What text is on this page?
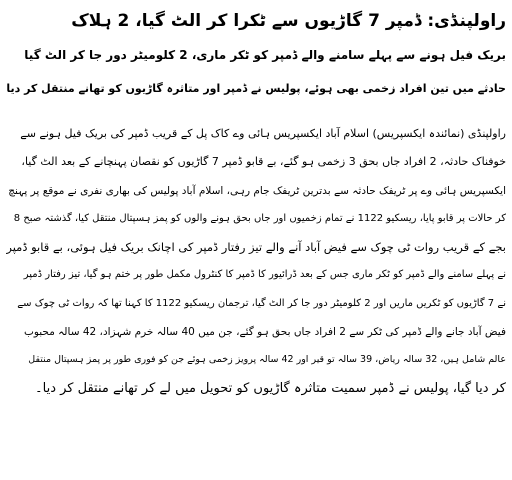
راولپنڈی: ڈمپر 7 گاڑیوں سے ٹکرا کر الٹ گیا، 2 ہلاک

بریک فیل ہونے سے پہلے سامنے والے ڈمپر کو ٹکر ماری، 2 کلومیٹر دور جا کر الٹ گیا

حادثے میں تین افراد زخمی بھی ہوئے، پولیس نے ڈمپر اور متاثرہ گاڑیوں کو تھانے منتقل کر دیا

راولپنڈی (نمائندہ ایکسپریس) اسلام آباد ایکسپریس ہائی وے کاک پل کے قریب ڈمپر کی بریک فیل ہونے سے

خوفناک حادثہ، 2 افراد جاں بحق 3 زخمی ہو گئے، بے قابو ڈمپر 7 گاڑیوں کو نقصان پہنچانے کے بعد الٹ گیا،

ایکسپریس ہائی وے پر ٹریفک حادثہ سے بدترین ٹریفک جام رہی، اسلام آباد پولیس کی بھاری نفری نے موقع پر پہنچ

کر حالات پر قابو پایا، ریسکیو 1122 نے تمام زخمیوں اور جاں بحق ہونے والوں کو پمز ہسپتال منتقل کیا، گذشتہ صبح 8

بجے کے قریب روات ٹی چوک سے فیض آباد آنے والے تیز رفتار ڈمپر کی اچانک بریک فیل ہوئی، بے قابو ڈمپر

نے پہلے سامنے والے ڈمپر کو ٹکر ماری جس کے بعد ڈرائیور کا ڈمپر کا کنٹرول مکمل طور پر ختم ہو گیا، تیز رفتار ڈمپر

نے 7 گاڑیوں کو ٹکریں ماریں اور 2 کلومیٹر دور جا کر الٹ گیا، ترجمان ریسکیو 1122 کا کہنا تھا کہ روات ٹی چوک سے

فیض آباد جانے والے ڈمپر کی ٹکر سے 2 افراد جاں بحق ہو گئے، جن میں 40 سالہ خرم شہزاد، 42 سالہ محبوب

عالم شامل ہیں، 32 سالہ ریاض، 39 سالہ تو قیر اور 42 سالہ پرویز زخمی ہوئے جن کو فوری طور پر پمز ہسپتال منتقل

کر دیا گیا، پولیس نے ڈمپر سمیت متاثرہ گاڑیوں کو تحویل میں لے کر تھانے منتقل کر دیا۔
